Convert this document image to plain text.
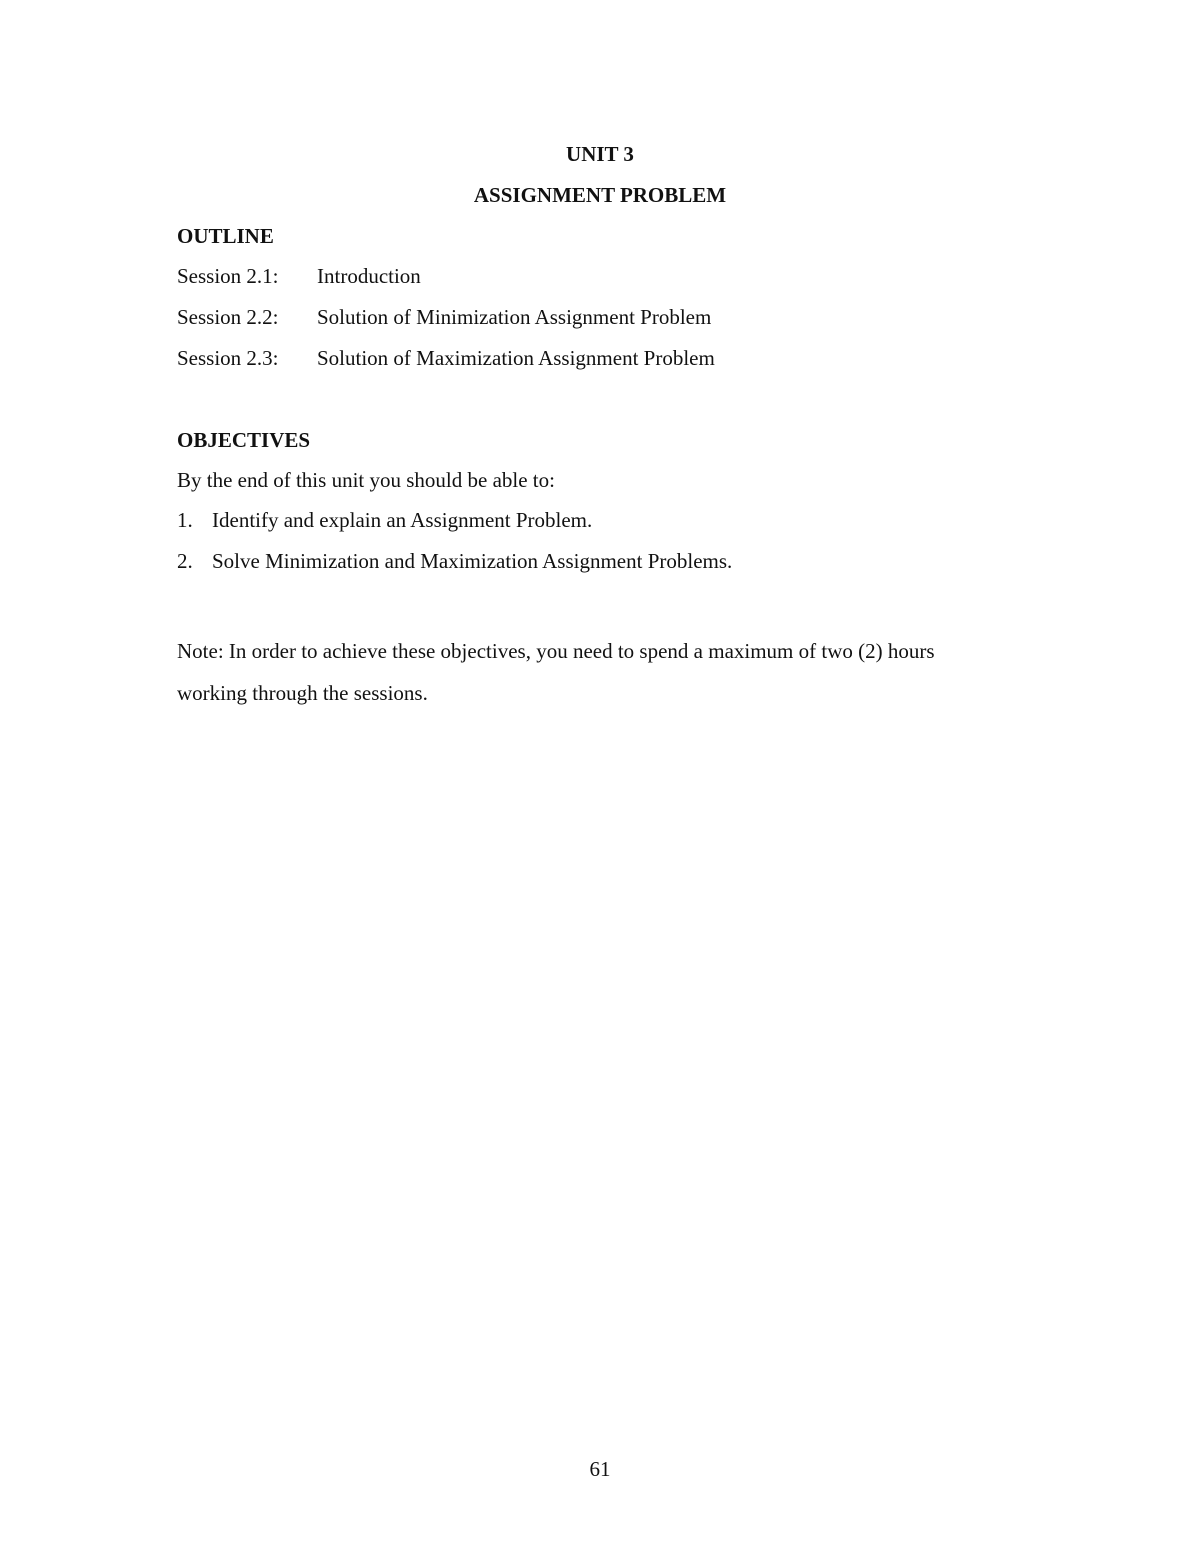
UNIT 3
ASSIGNMENT PROBLEM
OUTLINE
Session 2.1: Introduction
Session 2.2: Solution of Minimization Assignment Problem
Session 2.3: Solution of Maximization Assignment Problem
OBJECTIVES
By the end of this unit you should be able to:
1. Identify and explain an Assignment Problem.
2. Solve Minimization and Maximization Assignment Problems.
Note: In order to achieve these objectives, you need to spend a maximum of two (2) hours working through the sessions.
61
